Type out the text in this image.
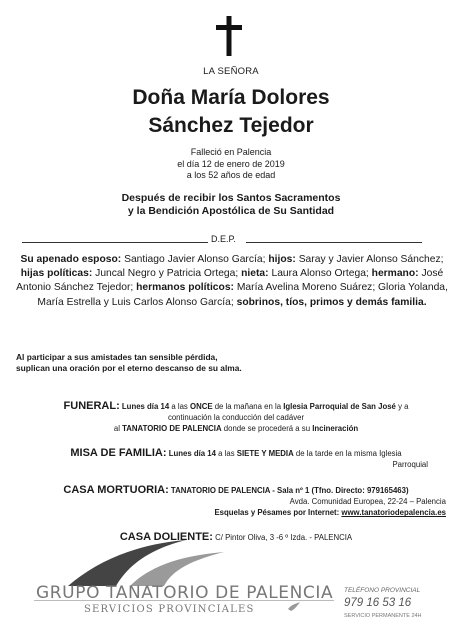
LA SEÑORA
Doña María Dolores
Sánchez Tejedor
Falleció en Palencia
el día 12 de enero de 2019
a los 52 años de edad
Después de recibir los Santos Sacramentos
y la Bendición Apostólica de Su Santidad
D.E.P.
Su apenado esposo: Santiago Javier Alonso García; hijos: Saray y Javier Alonso Sánchez; hijas políticas: Juncal Negro y Patricia Ortega; nieta: Laura Alonso Ortega; hermano: José Antonio Sánchez Tejedor; hermanos políticos: María Avelina Moreno Suárez; Gloria Yolanda, María Estrella y Luis Carlos Alonso García; sobrinos, tíos, primos y demás familia.
Al participar a sus amistades tan sensible pérdida,
suplican una oración por el eterno descanso de su alma.
FUNERAL: Lunes día 14 a las ONCE de la mañana en la Iglesia Parroquial de San José y a
continuación la conducción del cadáver
al TANATORIO DE PALENCIA donde se procederá a su Incineración
MISA DE FAMILIA: Lunes día 14 a las SIETE Y MEDIA de la tarde en la misma Iglesia
Parroquial
CASA MORTUORIA: TANATORIO DE PALENCIA - Sala nº 1 (Tfno. Directo: 979165463)
Avda. Comunidad Europea, 22-24 – Palencia
Esquelas y Pésames por Internet: www.tanatoriodepalencia.es
CASA DOLIENTE: C/ Pintor Oliva, 3 -6 º Izda. - PALENCIA
GRUPO TANATORIO DE PALENCIA
SERVICIOS PROVINCIALES
TELÉFONO PROVINCIAL
979 16 53 16
SERVICIO PERMANENTE 24H
